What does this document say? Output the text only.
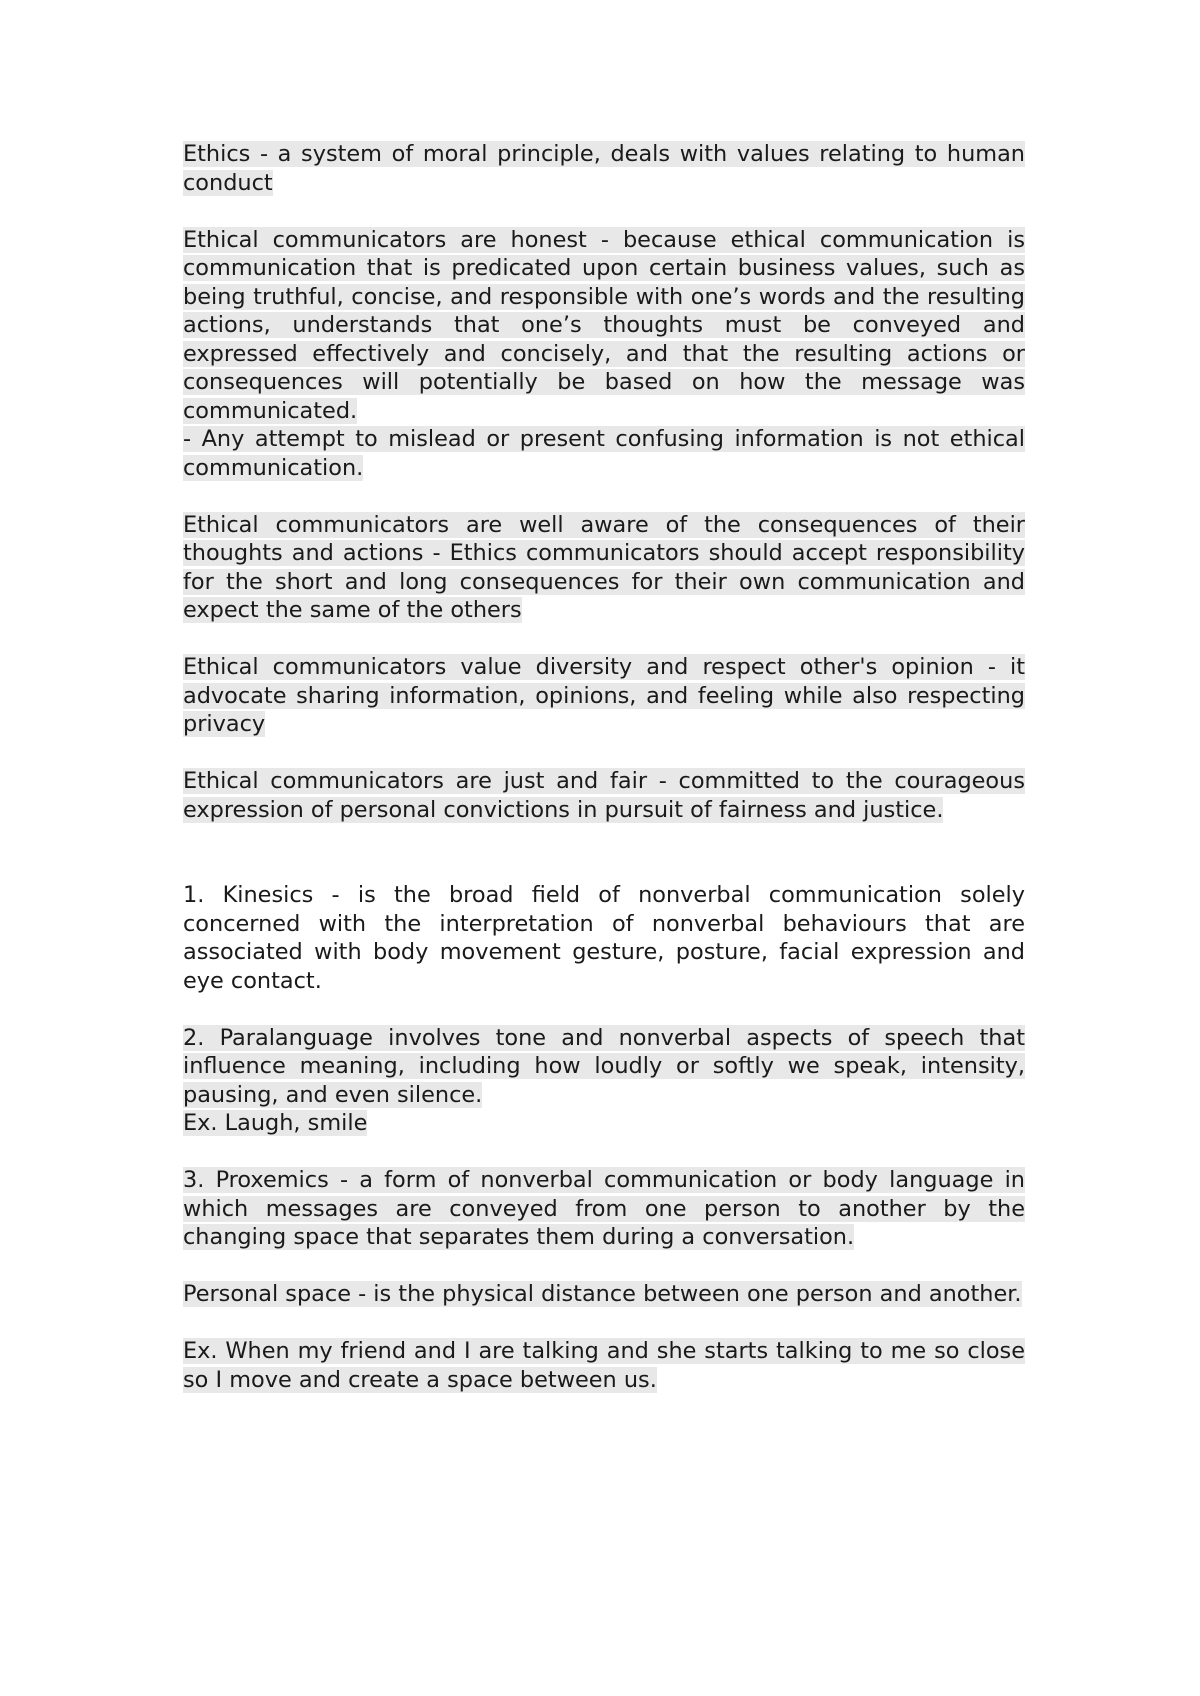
Ethics - a system of moral principle, deals with values relating to human conduct

Ethical communicators are honest - because ethical communication is communication that is predicated upon certain business values, such as being truthful, concise, and responsible with one’s words and the resulting actions, understands that one’s thoughts must be conveyed and expressed effectively and concisely, and that the resulting actions or consequences will potentially be based on how the message was communicated.

- Any attempt to mislead or present confusing information is not ethical communication.

Ethical communicators are well aware of the consequences of their thoughts and actions - Ethics communicators should accept responsibility for the short and long consequences for their own communication and expect the same of the others

Ethical communicators value diversity and respect other's opinion - it advocate sharing information, opinions, and feeling while also respecting privacy

Ethical communicators are just and fair - committed to the courageous expression of personal convictions in pursuit of fairness and justice.

1. Kinesics - is the broad field of nonverbal communication solely concerned with the interpretation of nonverbal behaviours that are associated with body movement gesture, posture, facial expression and eye contact.

2. Paralanguage involves tone and nonverbal aspects of speech that influence meaning, including how loudly or softly we speak, intensity, pausing, and even silence.

Ex. Laugh, smile

3. Proxemics - a form of nonverbal communication or body language in which messages are conveyed from one person to another by the changing space that separates them during a conversation.

Personal space - is the physical distance between one person and another.

Ex. When my friend and I are talking and she starts talking to me so close so I move and create a space between us.
